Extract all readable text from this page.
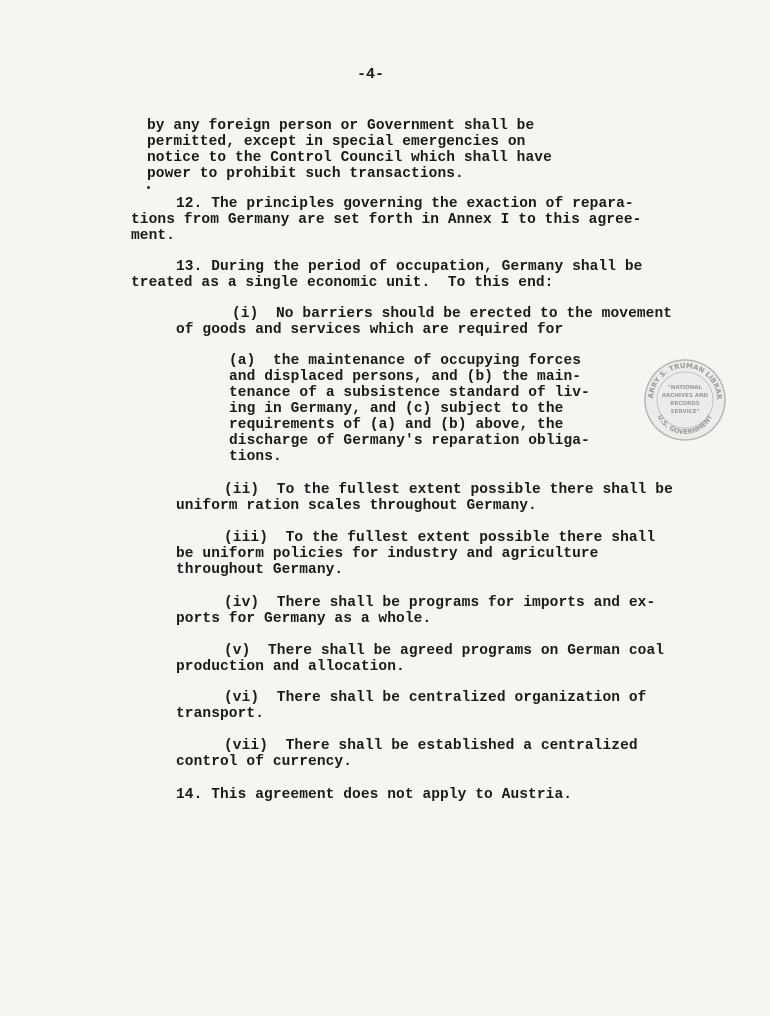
-4-
by any foreign person or Government shall be
permitted, except in special emergencies on
notice to the Control Council which shall have
power to prohibit such transactions.
12. The principles governing the exaction of repara-
tions from Germany are set forth in Annex I to this agree-
ment.
13. During the period of occupation, Germany shall be
treated as a single economic unit.  To this end:
(i)  No barriers should be erected to the movement
of goods and services which are required for
(a)  the maintenance of occupying forces
and displaced persons, and (b) the main-
tenance of a subsistence standard of liv-
ing in Germany, and (c) subject to the
requirements of (a) and (b) above, the
discharge of Germany's reparation obliga-
tions.
(ii)  To the fullest extent possible there shall be
uniform ration scales throughout Germany.
(iii)  To the fullest extent possible there shall
be uniform policies for industry and agriculture
throughout Germany.
(iv)  There shall be programs for imports and ex-
ports for Germany as a whole.
(v)  There shall be agreed programs on German coal
production and allocation.
(vi)  There shall be centralized organization of
transport.
(vii)  There shall be established a centralized
control of currency.
14. This agreement does not apply to Austria.
ARRY S. TRUMAN LIBRAR
U.S. GOVERNMENT
"NATIONAL
ARCHIVES AND
RECORDS
SERVICE"
